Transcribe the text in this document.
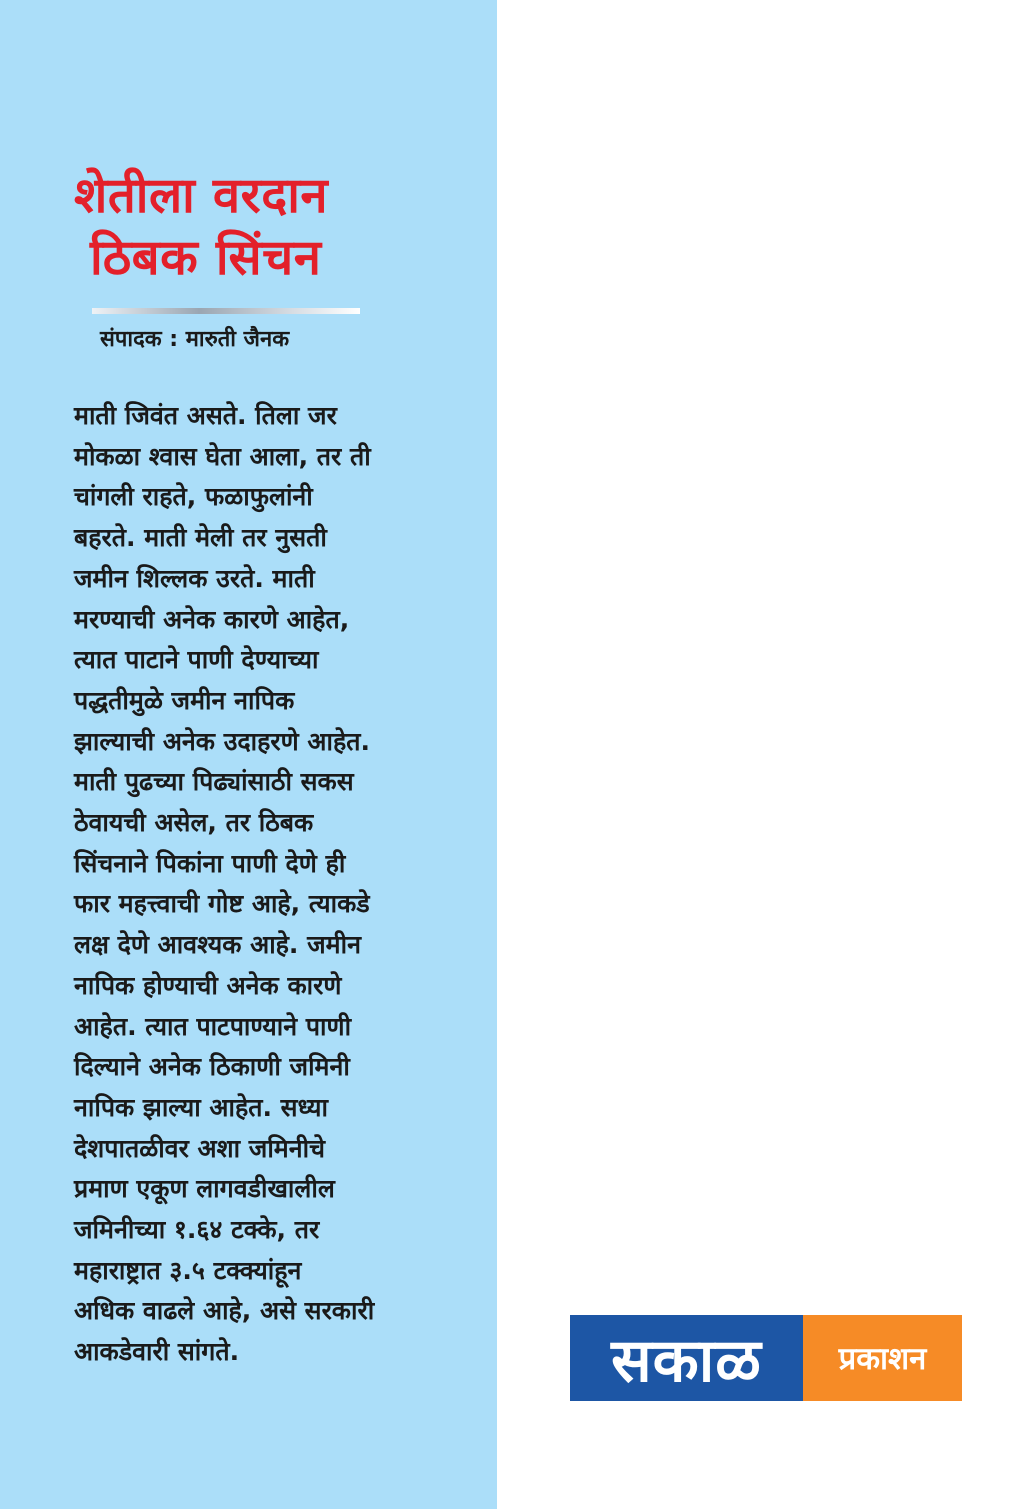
शेतीला वरदान
ठिबक सिंचन

संपादक : मारुती जैनक

माती जिवंत असते. तिला जर
मोकळा श्वास घेता आला, तर ती
चांगली राहते, फळाफुलांनी
बहरते. माती मेली तर नुसती
जमीन शिल्लक उरते. माती
मरण्याची अनेक कारणे आहेत,
त्यात पाटाने पाणी देण्याच्या
पद्धतीमुळे जमीन नापिक
झाल्याची अनेक उदाहरणे आहेत.
माती पुढच्या पिढ्यांसाठी सकस
ठेवायची असेल, तर ठिबक
सिंचनाने पिकांना पाणी देणे ही
फार महत्त्वाची गोष्ट आहे, त्याकडे
लक्ष देणे आवश्यक आहे. जमीन
नापिक होण्याची अनेक कारणे
आहेत. त्यात पाटपाण्याने पाणी
दिल्याने अनेक ठिकाणी जमिनी
नापिक झाल्या आहेत. सध्या
देशपातळीवर अशा जमिनीचे
प्रमाण एकूण लागवडीखालील
जमिनीच्या १.६४ टक्के, तर
महाराष्ट्रात ३.५ टक्क्यांहून
अधिक वाढले आहे, असे सरकारी
आकडेवारी सांगते.	सकाळ	प्रकाशन
